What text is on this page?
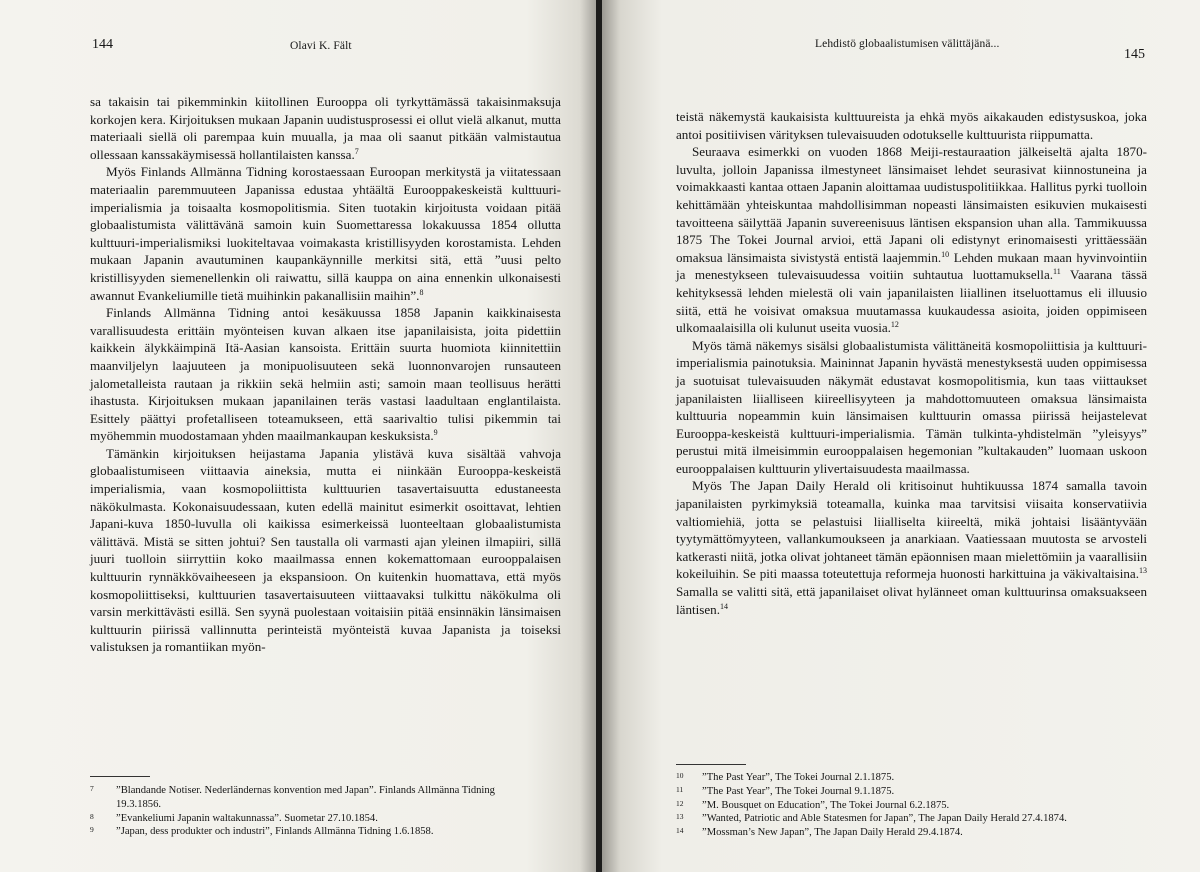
144	Olavi K. Fält

sa takaisin tai pikemminkin kiitollinen Eurooppa oli tyrkyttämässä takaisinmaksuja korkojen kera. Kirjoituksen mukaan Japanin uudistusprosessi ei ollut vielä alkanut, mutta materiaali siellä oli parempaa kuin muualla, ja maa oli saanut pitkään valmistautua ollessaan kanssakäymisessä hollantilaisten kanssa.$^7$

Myös Finlands Allmänna Tidning korostaessaan Euroopan merkitystä ja viitatessaan materiaalin paremmuuteen Japanissa edustaa yhtäältä Eurooppakeskeistä kulttuuri-imperialismia ja toisaalta kosmopolitismia. Siten tuotakin kirjoitusta voidaan pitää globaalistumista välittävänä samoin kuin Suomettaressa lokakuussa 1854 ollutta kulttuuri-imperialismiksi luokiteltavaa voimakasta kristillisyyden korostamista. Lehden mukaan Japanin avautuminen kaupankäynnille merkitsi sitä, että ”uusi pelto kristillisyyden siemenellenkin oli raiwattu, sillä kauppa on aina ennenkin ulkonaisesti awannut Evankeliumille tietä muihinkin pakanallisiin maihin”.$^8$

Finlands Allmänna Tidning antoi kesäkuussa 1858 Japanin kaikkinaisesta varallisuudesta erittäin myönteisen kuvan alkaen itse japanilaisista, joita pidettiin kaikkein älykkäimpinä Itä-Aasian kansoista. Erittäin suurta huomiota kiinnitettiin maanviljelyn laajuuteen ja monipuolisuuteen sekä luonnonvarojen runsauteen jalometalleista rautaan ja rikkiin sekä helmiin asti; samoin maan teollisuus herätti ihastusta. Kirjoituksen mukaan japanilainen teräs vastasi laadultaan englantilaista. Esittely päättyi profetalliseen toteamukseen, että saarivaltio tulisi pikemmin tai myöhemmin muodostamaan yhden maailmankaupan keskuksista.$^9$

Tämänkin kirjoituksen heijastama Japania ylistävä kuva sisältää vahvoja globaalistumiseen viittaavia aineksia, mutta ei niinkään Eurooppa-keskeistä imperialismia, vaan kosmopoliittista kulttuurien tasavertaisuutta edustaneesta näkökulmasta. Kokonaisuudessaan, kuten edellä mainitut esimerkit osoittavat, lehtien Japani-kuva 1850-luvulla oli kaikissa esimerkeissä luonteeltaan globaalistumista välittävä. Mistä se sitten johtui? Sen taustalla oli varmasti ajan yleinen ilmapiiri, sillä juuri tuolloin siirryttiin koko maailmassa ennen kokemattomaan eurooppalaisen kulttuurin rynnäkkövaiheeseen ja ekspansioon. On kuitenkin huomattava, että myös kosmopoliittiseksi, kulttuurien tasavertaisuuteen viittaavaksi tulkittu näkökulma oli varsin merkittävästi esillä. Sen syynä puolestaan voitaisiin pitää ensinnäkin länsimaisen kulttuurin piirissä vallinnutta perinteistä myönteistä kuvaa Japanista ja toiseksi valistuksen ja romantiikan myön-

7	”Blandande Notiser. Nederländernas konvention med Japan”. Finlands Allmänna Tidning
19.3.1856.
8	”Evankeliumi Japanin waltakunnassa”. Suometar 27.10.1854.
9	”Japan, dess produkter och industri”, Finlands Allmänna Tidning 1.6.1858.
Lehdistö globaalistumisen välittäjänä...
145

teistä näkemystä kaukaisista kulttuureista ja ehkä myös aikakauden edistysuskoa, joka antoi positiivisen värityksen tulevaisuuden odotukselle kulttuurista riippumatta.

Seuraava esimerkki on vuoden 1868 Meiji-restauraation jälkeiseltä ajalta 1870-luvulta, jolloin Japanissa ilmestyneet länsimaiset lehdet seurasivat kiinnostuneina ja voimakkaasti kantaa ottaen Japanin aloittamaa uudistuspolitiikkaa. Hallitus pyrki tuolloin kehittämään yhteiskuntaa mahdollisimman nopeasti länsimaisten esikuvien mukaisesti tavoitteena säilyttää Japanin suvereenisuus läntisen ekspansion uhan alla. Tammikuussa 1875 The Tokei Journal arvioi, että Japani oli edistynyt erinomaisesti yrittäessään omaksua länsimaista sivistystä entistä laajemmin.$^{10}$ Lehden mukaan maan hyvinvointiin ja menestykseen tulevaisuudessa voitiin suhtautua luottamuksella.$^{11}$ Vaarana tässä kehityksessä lehden mielestä oli vain japanilaisten liiallinen itseluottamus eli illuusio siitä, että he voisivat omaksua muutamassa kuukaudessa asioita, joiden oppimiseen ulkomaalaisilla oli kulunut useita vuosia.$^{12}$

Myös tämä näkemys sisälsi globaalistumista välittäneitä kosmopoliittisia ja kulttuuri-imperialismia painotuksia. Maininnat Japanin hyvästä menestyksestä uuden oppimisessa ja suotuisat tulevaisuuden näkymät edustavat kosmopolitismia, kun taas viittaukset japanilaisten liialliseen kiireellisyyteen ja mahdottomuuteen omaksua länsimaista kulttuuria nopeammin kuin länsimaisen kulttuurin omassa piirissä heijastelevat Eurooppa-keskeistä kulttuuri-imperialismia. Tämän tulkinta-yhdistelmän ”yleisyys” perustui mitä ilmeisimmin eurooppalaisen hegemonian ”kultakauden” luomaan uskoon eurooppalaisen kulttuurin ylivertaisuudesta maailmassa.

Myös The Japan Daily Herald oli kritisoinut huhtikuussa 1874 samalla tavoin japanilaisten pyrkimyksiä toteamalla, kuinka maa tarvitsisi viisaita konservatiivia valtiomiehiä, jotta se pelastuisi liialliselta kiireeltä, mikä johtaisi lisääntyvään tyytymättömyyteen, vallankumoukseen ja anarkiaan. Vaatiessaan muutosta se arvosteli katkerasti niitä, jotka olivat johtaneet tämän epäonnisen maan mielettömiin ja vaarallisiin kokeiluihin. Se piti maassa toteutettuja reformeja huonosti harkittuina ja väkivaltaisina.$^{13}$ Samalla se valitti sitä, että japanilaiset olivat hylänneet oman kulttuurinsa omaksuakseen läntisen.$^{14}$

10	”The Past Year”, The Tokei Journal 2.1.1875.
11	”The Past Year”, The Tokei Journal 9.1.1875.
12	”M. Bousquet on Education”, The Tokei Journal 6.2.1875.
13	”Wanted, Patriotic and Able Statesmen for Japan”, The Japan Daily Herald 27.4.1874.
14	”Mossman’s New Japan”, The Japan Daily Herald 29.4.1874.
